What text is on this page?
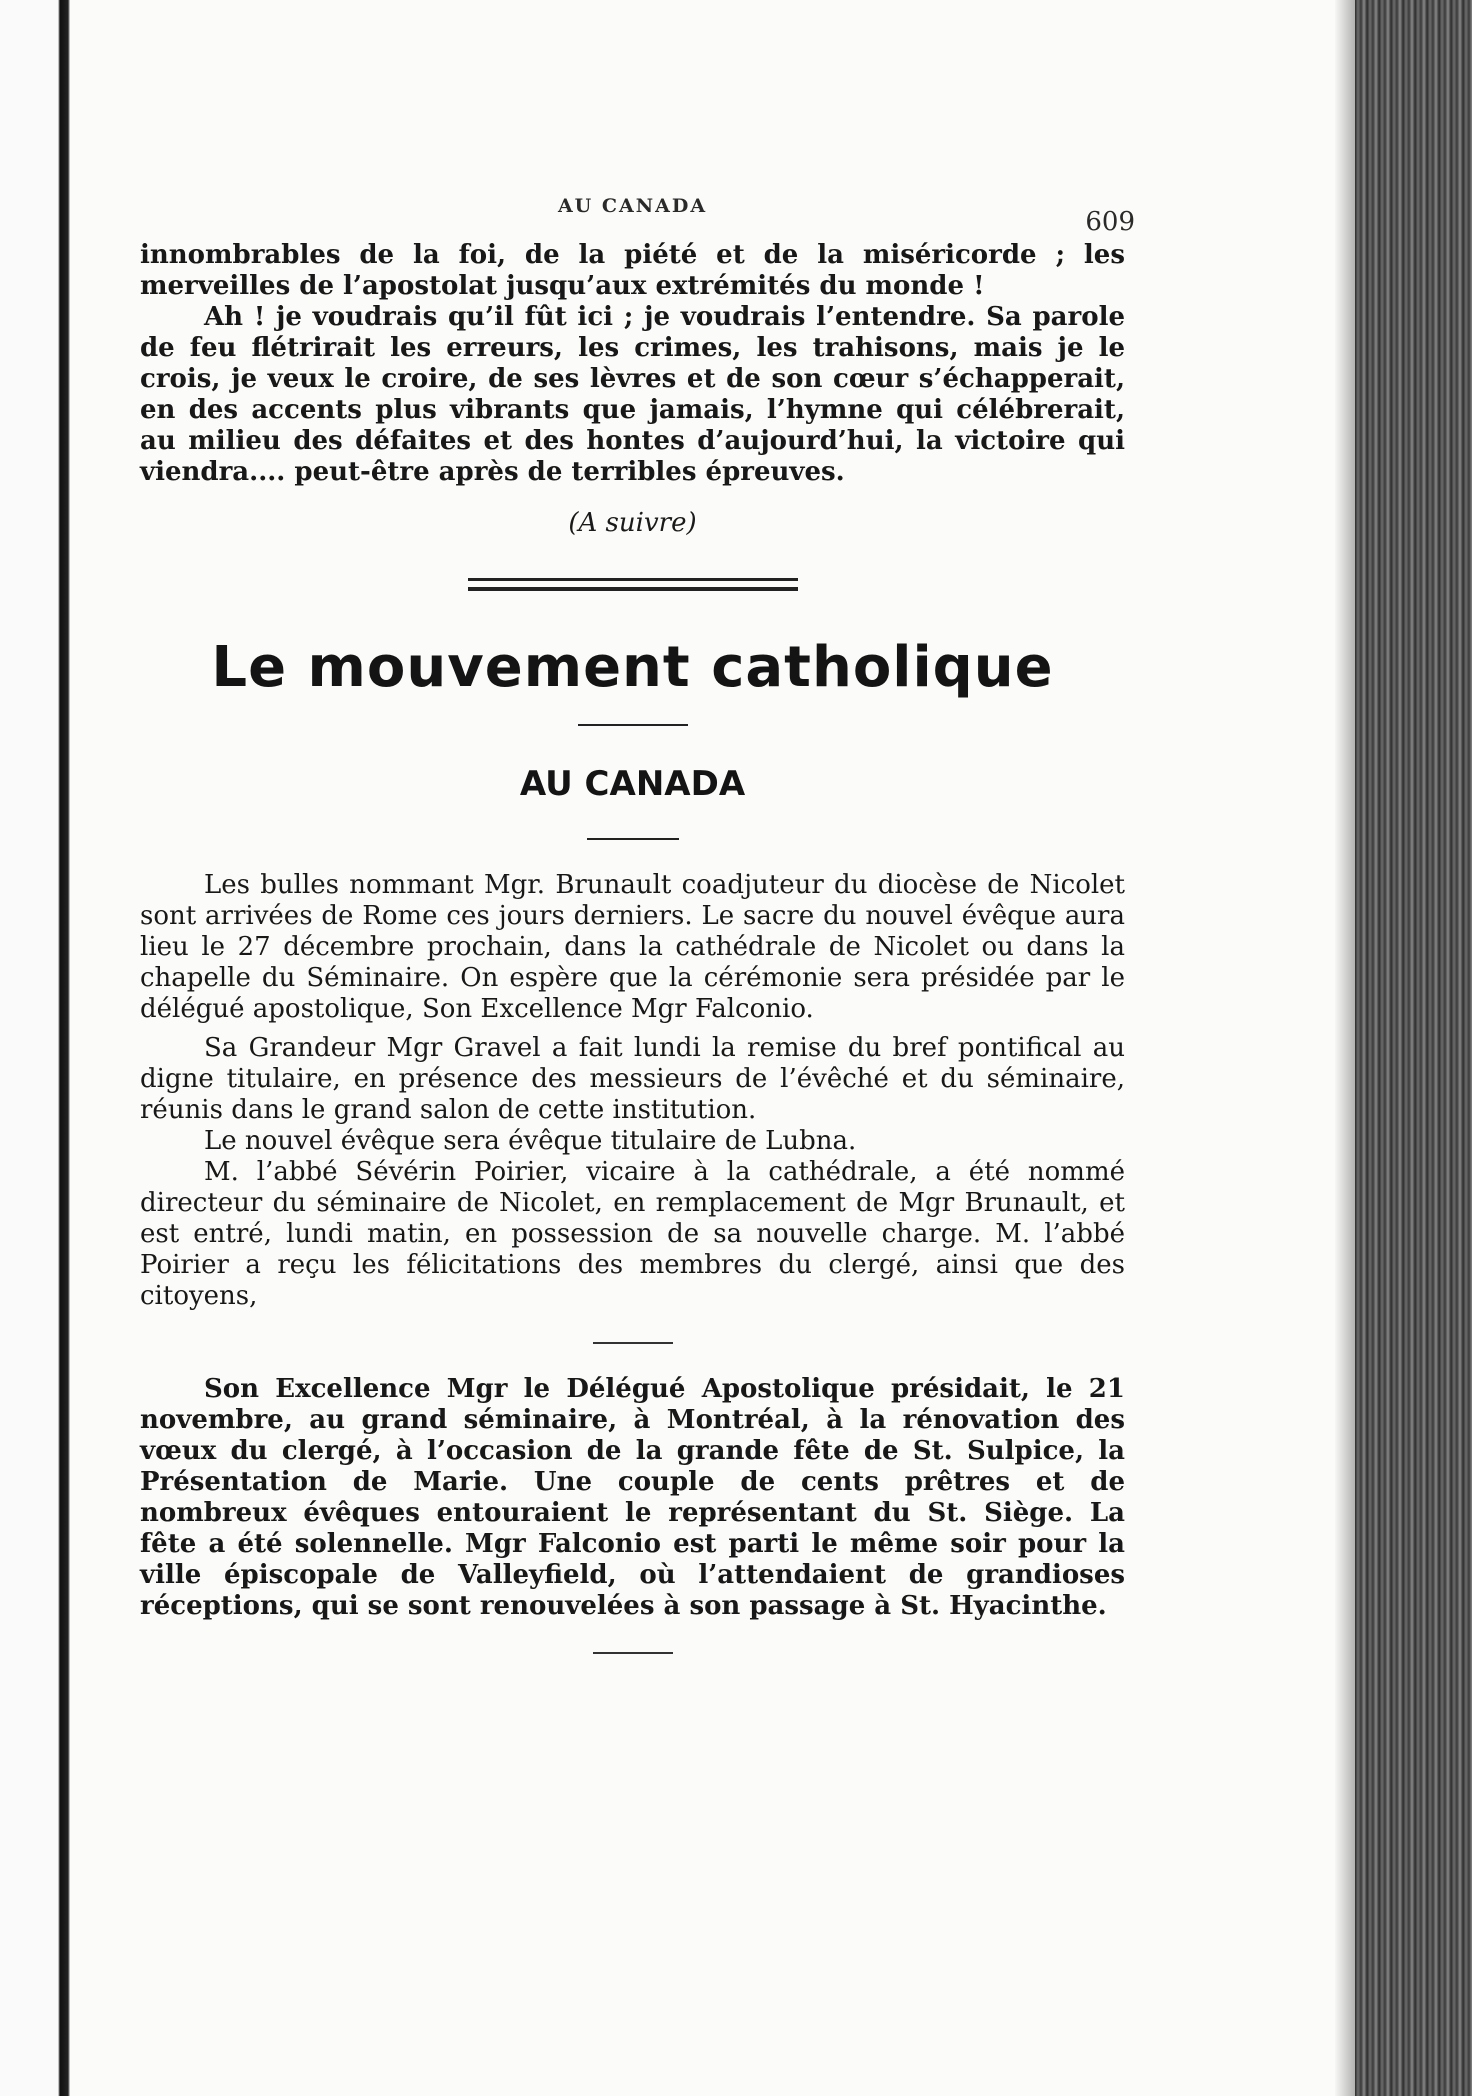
AU CANADA
609

innombrables de la foi, de la piété et de la miséricorde ; les merveilles de l’apostolat jusqu’aux extrémités du monde !

Ah ! je voudrais qu’il fût ici ; je voudrais l’entendre. Sa parole de feu flétrirait les erreurs, les crimes, les trahisons, mais je le crois, je veux le croire, de ses lèvres et de son cœur s’échapperait, en des accents plus vibrants que jamais, l’hymne qui célébrerait, au milieu des défaites et des hontes d’aujourd’hui, la victoire qui viendra.... peut-être après de terribles épreuves.

(A suivre)

Le mouvement catholique
AU CANADA

Les bulles nommant Mgr. Brunault coadjuteur du diocèse de Nicolet sont arrivées de Rome ces jours derniers. Le sacre du nouvel évêque aura lieu le 27 décembre prochain, dans la cathédrale de Nicolet ou dans la chapelle du Séminaire. On espère que la cérémonie sera présidée par le délégué apostolique, Son Excellence Mgr Falconio.

Sa Grandeur Mgr Gravel a fait lundi la remise du bref pontifical au digne titulaire, en présence des messieurs de l’évêché et du séminaire, réunis dans le grand salon de cette institution.

Le nouvel évêque sera évêque titulaire de Lubna.

M. l’abbé Sévérin Poirier, vicaire à la cathédrale, a été nommé directeur du séminaire de Nicolet, en remplacement de Mgr Brunault, et est entré, lundi matin, en possession de sa nouvelle charge. M. l’abbé Poirier a reçu les félicitations des membres du clergé, ainsi que des citoyens,

Son Excellence Mgr le Délégué Apostolique présidait, le 21 novembre, au grand séminaire, à Montréal, à la rénovation des vœux du clergé, à l’occasion de la grande fête de St. Sulpice, la Présentation de Marie. Une couple de cents prêtres et de nombreux évêques entouraient le représentant du St. Siège. La fête a été solennelle. Mgr Falconio est parti le même soir pour la ville épiscopale de Valleyfield, où l’attendaient de grandioses réceptions, qui se sont renouvelées à son passage à St. Hyacinthe.
